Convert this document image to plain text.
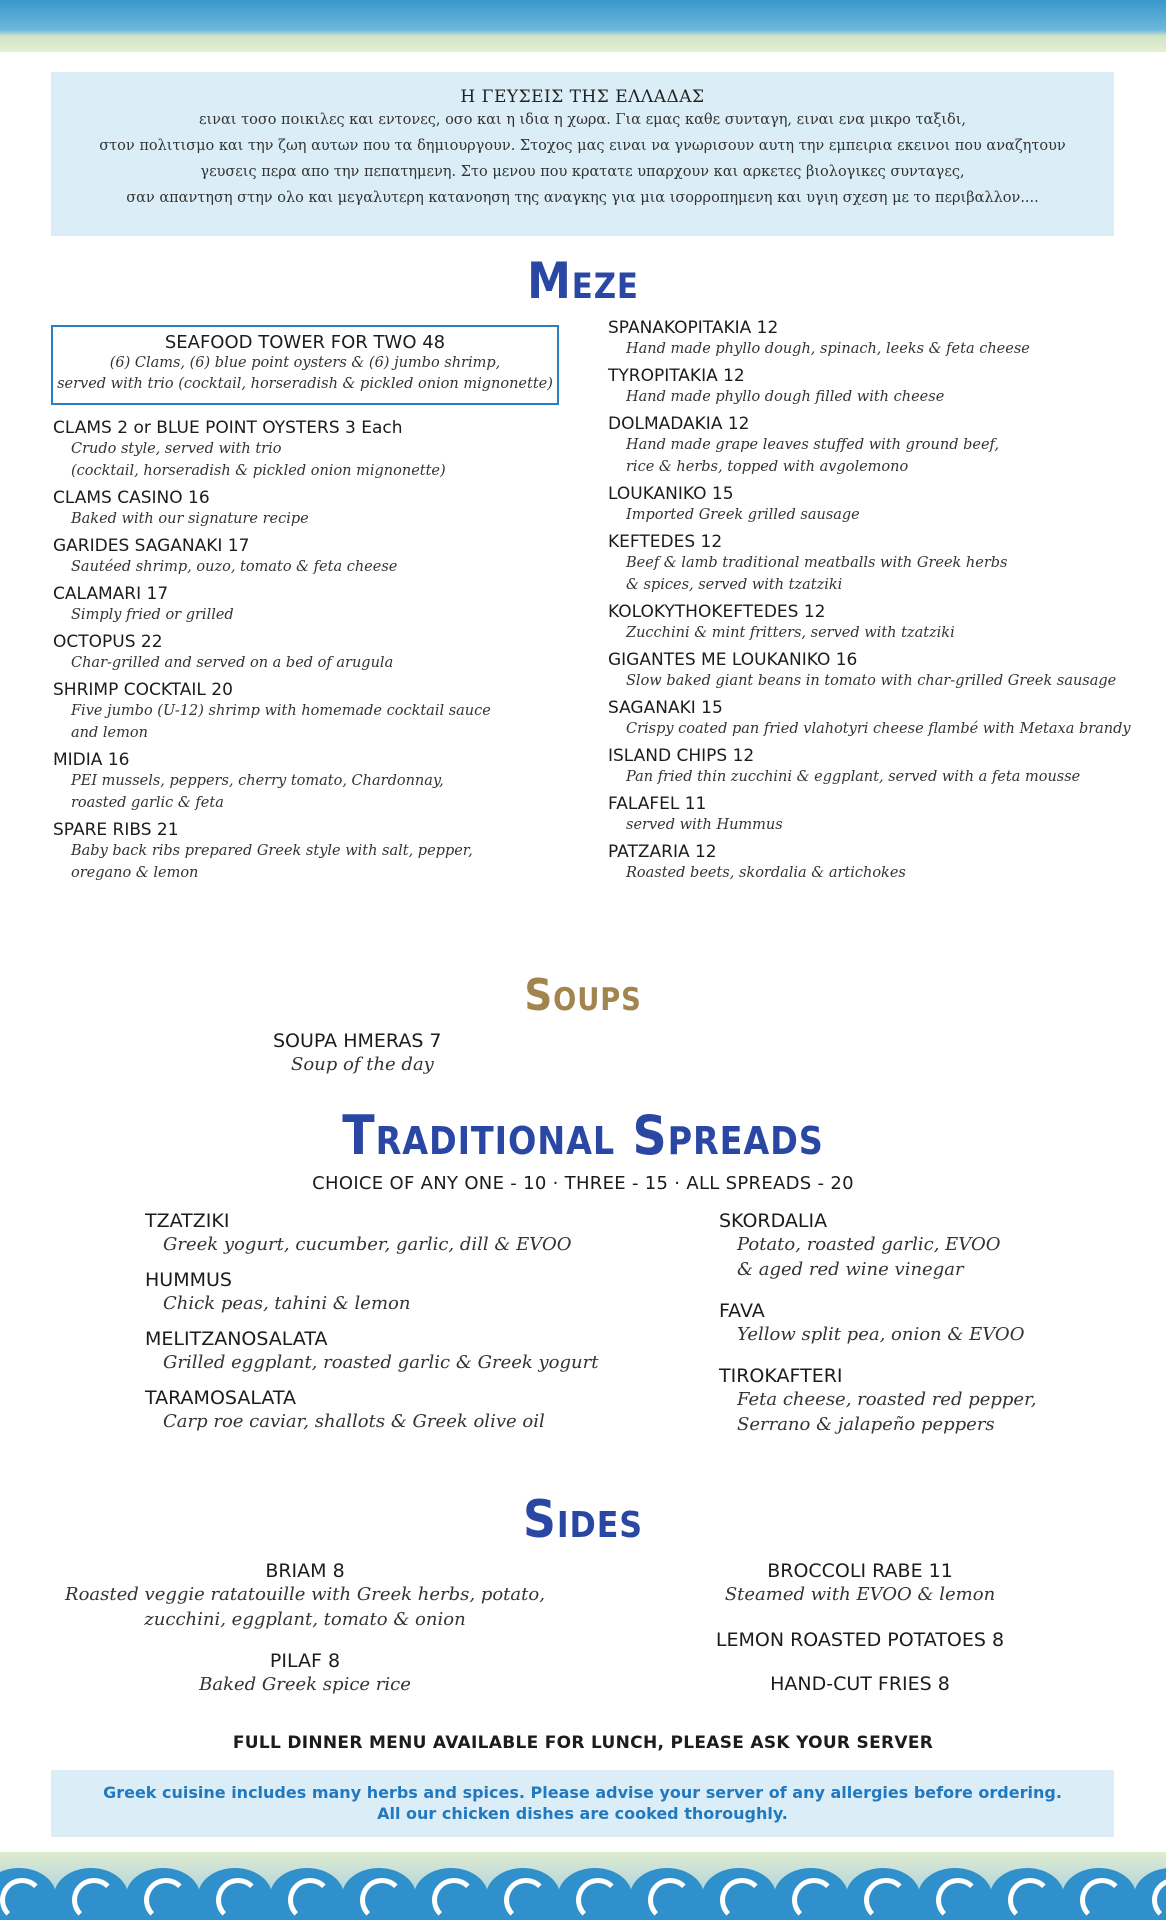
Η ΓΕΥΣΕΙΣ ΤΗΣ ΕΛΛΑΔΑΣ
ειναι τοσο ποικιλες και εντονες, οσο και η ιδια η χωρα. Για εμας καθε συνταγη, ειναι ενα μικρο ταξιδι,
στον πολιτισμο και την ζωη αυτων που τα δημιουργουν. Στοχος μας ειναι να γνωρισουν αυτη την εμπειρια εκεινοι που αναζητουν
γευσεις περα απο την πεπατημενη. Στο μενου που κρατατε υπαρχουν και αρκετες βιολογικες συνταγες,
σαν απαντηση στην ολο και μεγαλυτερη κατανοηση της αναγκης για μια ισορροπημενη και υγιη σχεση με το περιβαλλον....
Meze
SEAFOOD TOWER FOR TWO 48
(6) Clams, (6) blue point oysters & (6) jumbo shrimp,
served with trio (cocktail, horseradish & pickled onion mignonette)
CLAMS 2 or BLUE POINT OYSTERS 3 Each
Crudo style, served with trio
(cocktail, horseradish & pickled onion mignonette)
CLAMS CASINO 16
Baked with our signature recipe
GARIDES SAGANAKI 17
Sautéed shrimp, ouzo, tomato & feta cheese
CALAMARI 17
Simply fried or grilled
OCTOPUS 22
Char-grilled and served on a bed of arugula
SHRIMP COCKTAIL 20
Five jumbo (U-12) shrimp with homemade cocktail sauce
and lemon
MIDIA 16
PEI mussels, peppers, cherry tomato, Chardonnay,
roasted garlic & feta
SPARE RIBS 21
Baby back ribs prepared Greek style with salt, pepper,
oregano & lemon
SPANAKOPITAKIA 12
Hand made phyllo dough, spinach, leeks & feta cheese
TYROPITAKIA 12
Hand made phyllo dough filled with cheese
DOLMADAKIA 12
Hand made grape leaves stuffed with ground beef,
rice & herbs, topped with avgolemono
LOUKANIKO 15
Imported Greek grilled sausage
KEFTEDES 12
Beef & lamb traditional meatballs with Greek herbs
& spices, served with tzatziki
KOLOKYTHOKEFTEDES 12
Zucchini & mint fritters, served with tzatziki
GIGANTES ME LOUKANIKO 16
Slow baked giant beans in tomato with char-grilled Greek sausage
SAGANAKI 15
Crispy coated pan fried vlahotyri cheese flambé with Metaxa brandy
ISLAND CHIPS 12
Pan fried thin zucchini & eggplant, served with a feta mousse
FALAFEL 11
served with Hummus
PATZARIA 12
Roasted beets, skordalia & artichokes
Soups
SOUPA HMERAS 7
Soup of the day
Traditional Spreads
CHOICE OF ANY ONE - 10 · THREE - 15 · ALL SPREADS - 20
TZATZIKI
Greek yogurt, cucumber, garlic, dill & EVOO
HUMMUS
Chick peas, tahini & lemon
MELITZANOSALATA
Grilled eggplant, roasted garlic & Greek yogurt
TARAMOSALATA
Carp roe caviar, shallots & Greek olive oil
SKORDALIA
Potato, roasted garlic, EVOO
& aged red wine vinegar
FAVA
Yellow split pea, onion & EVOO
TIROKAFTERI
Feta cheese, roasted red pepper,
Serrano & jalapeño peppers
Sides
BRIAM 8
Roasted veggie ratatouille with Greek herbs, potato,
zucchini, eggplant, tomato & onion
PILAF 8
Baked Greek spice rice
BROCCOLI RABE 11
Steamed with EVOO & lemon
LEMON ROASTED POTATOES 8
HAND-CUT FRIES 8
FULL DINNER MENU AVAILABLE FOR LUNCH, PLEASE ASK YOUR SERVER
Greek cuisine includes many herbs and spices. Please advise your server of any allergies before ordering.
All our chicken dishes are cooked thoroughly.
